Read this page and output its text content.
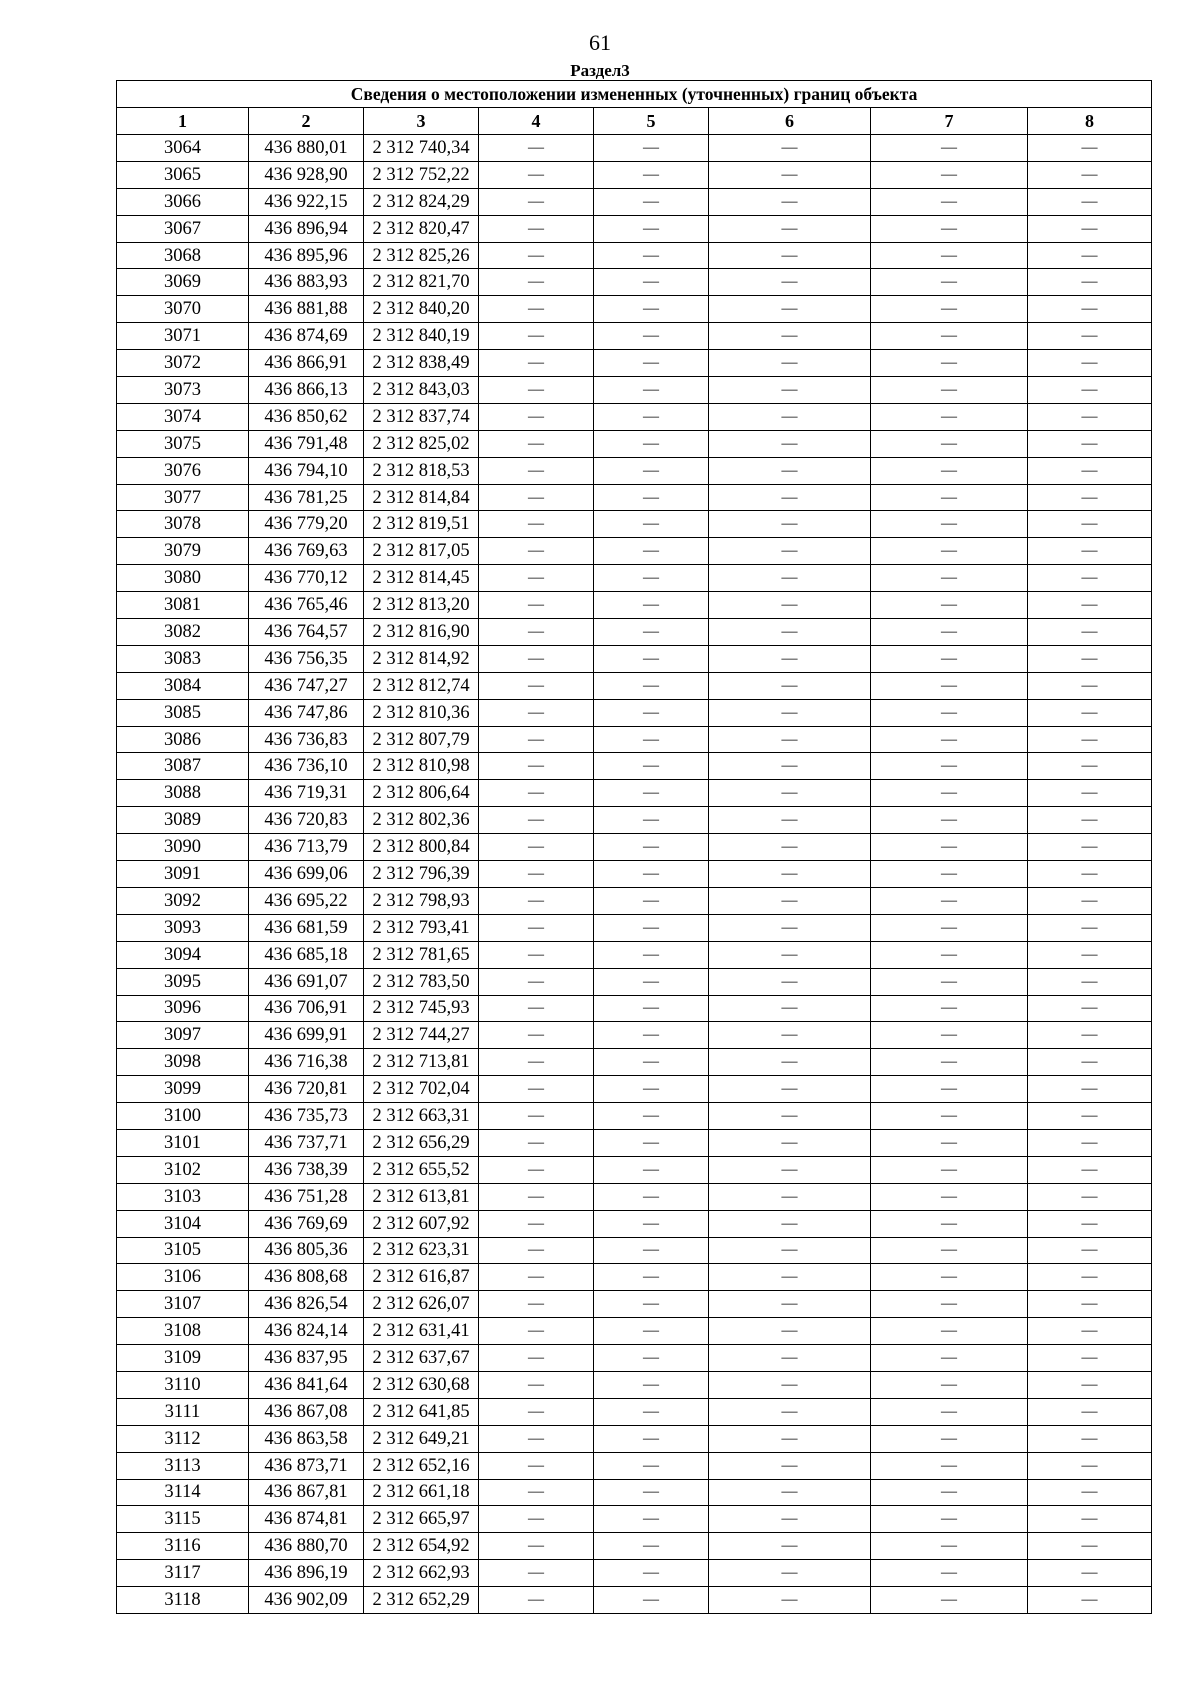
61
Раздел3
Сведения о местоположении измененных (уточненных) границ объекта							
1	2	3	4	5	6	7	8
3064	436 880,01	2 312 740,34	—	—	—	—	—
3065	436 928,90	2 312 752,22	—	—	—	—	—
3066	436 922,15	2 312 824,29	—	—	—	—	—
3067	436 896,94	2 312 820,47	—	—	—	—	—
3068	436 895,96	2 312 825,26	—	—	—	—	—
3069	436 883,93	2 312 821,70	—	—	—	—	—
3070	436 881,88	2 312 840,20	—	—	—	—	—
3071	436 874,69	2 312 840,19	—	—	—	—	—
3072	436 866,91	2 312 838,49	—	—	—	—	—
3073	436 866,13	2 312 843,03	—	—	—	—	—
3074	436 850,62	2 312 837,74	—	—	—	—	—
3075	436 791,48	2 312 825,02	—	—	—	—	—
3076	436 794,10	2 312 818,53	—	—	—	—	—
3077	436 781,25	2 312 814,84	—	—	—	—	—
3078	436 779,20	2 312 819,51	—	—	—	—	—
3079	436 769,63	2 312 817,05	—	—	—	—	—
3080	436 770,12	2 312 814,45	—	—	—	—	—
3081	436 765,46	2 312 813,20	—	—	—	—	—
3082	436 764,57	2 312 816,90	—	—	—	—	—
3083	436 756,35	2 312 814,92	—	—	—	—	—
3084	436 747,27	2 312 812,74	—	—	—	—	—
3085	436 747,86	2 312 810,36	—	—	—	—	—
3086	436 736,83	2 312 807,79	—	—	—	—	—
3087	436 736,10	2 312 810,98	—	—	—	—	—
3088	436 719,31	2 312 806,64	—	—	—	—	—
3089	436 720,83	2 312 802,36	—	—	—	—	—
3090	436 713,79	2 312 800,84	—	—	—	—	—
3091	436 699,06	2 312 796,39	—	—	—	—	—
3092	436 695,22	2 312 798,93	—	—	—	—	—
3093	436 681,59	2 312 793,41	—	—	—	—	—
3094	436 685,18	2 312 781,65	—	—	—	—	—
3095	436 691,07	2 312 783,50	—	—	—	—	—
3096	436 706,91	2 312 745,93	—	—	—	—	—
3097	436 699,91	2 312 744,27	—	—	—	—	—
3098	436 716,38	2 312 713,81	—	—	—	—	—
3099	436 720,81	2 312 702,04	—	—	—	—	—
3100	436 735,73	2 312 663,31	—	—	—	—	—
3101	436 737,71	2 312 656,29	—	—	—	—	—
3102	436 738,39	2 312 655,52	—	—	—	—	—
3103	436 751,28	2 312 613,81	—	—	—	—	—
3104	436 769,69	2 312 607,92	—	—	—	—	—
3105	436 805,36	2 312 623,31	—	—	—	—	—
3106	436 808,68	2 312 616,87	—	—	—	—	—
3107	436 826,54	2 312 626,07	—	—	—	—	—
3108	436 824,14	2 312 631,41	—	—	—	—	—
3109	436 837,95	2 312 637,67	—	—	—	—	—
3110	436 841,64	2 312 630,68	—	—	—	—	—
3111	436 867,08	2 312 641,85	—	—	—	—	—
3112	436 863,58	2 312 649,21	—	—	—	—	—
3113	436 873,71	2 312 652,16	—	—	—	—	—
3114	436 867,81	2 312 661,18	—	—	—	—	—
3115	436 874,81	2 312 665,97	—	—	—	—	—
3116	436 880,70	2 312 654,92	—	—	—	—	—
3117	436 896,19	2 312 662,93	—	—	—	—	—
3118	436 902,09	2 312 652,29	—	—	—	—	—
